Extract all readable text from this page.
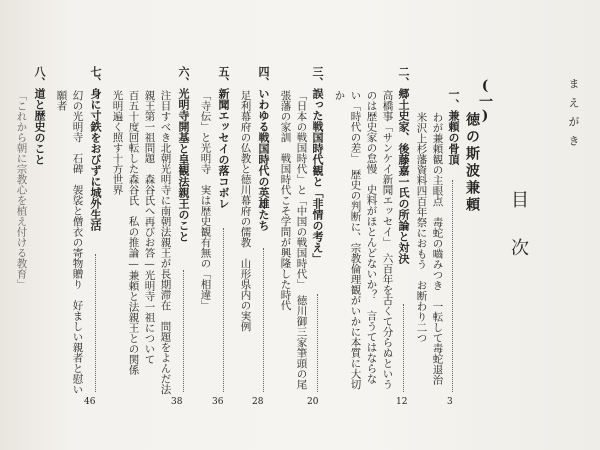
まえがき
目次
(一)
徳の斯波兼頼
一、兼頼の骨頂
3
わが兼頼観の主眼点　毒蛇の嚙みつき　一転して毒蛇退治
米沢上杉藩資料四百年祭におもう　お断わり二つ
二、郷土史家、後藤嘉一氏の所論と対決
12
高橋事「サンケイ新聞エッセイ」　六百年を古くて分らぬという
のは歴史家の怠慢　史料がほとんどないか？　言うてはならな
い「時代の差」　歴史の判断に、宗教倫理観がいかに本質に大切
か
三、誤った戦国時代観と「非情の考え」
20
「日本の戦国時代」と「中国の戦国時代」　徳川御三家筆頭の尾
張藩の家訓　戦国時代こそ学問が興隆した時代
四、いわゆる戦国時代の英雄たち
28
足利幕府の仏教と徳川幕府の儒教　山形県内の実例
五、新聞エッセイの落コボレ
36
「寺伝」と光明寺　実は歴史観有無の「相違」
六、光明寺開基と皇観法親王のこと
38
注目すべき北朝光明寺に南朝法親王が長期滞在　問題をよんだ法
親王第一祖問題　森谷氏へ再びお答—光明寺一祖について
百五十度回転した森谷氏　私の推論—兼頼と法親王との関係
光明遍く照す十方世界
七、身に寸鉄をおびずに城外生活
46
幻の光明寺　石碑　袈裟と僧衣の寄物贈り　好ましい親者と慰い
願者
八、道と歴史のこと
「これから朝に宗教心を植え付ける教育」
